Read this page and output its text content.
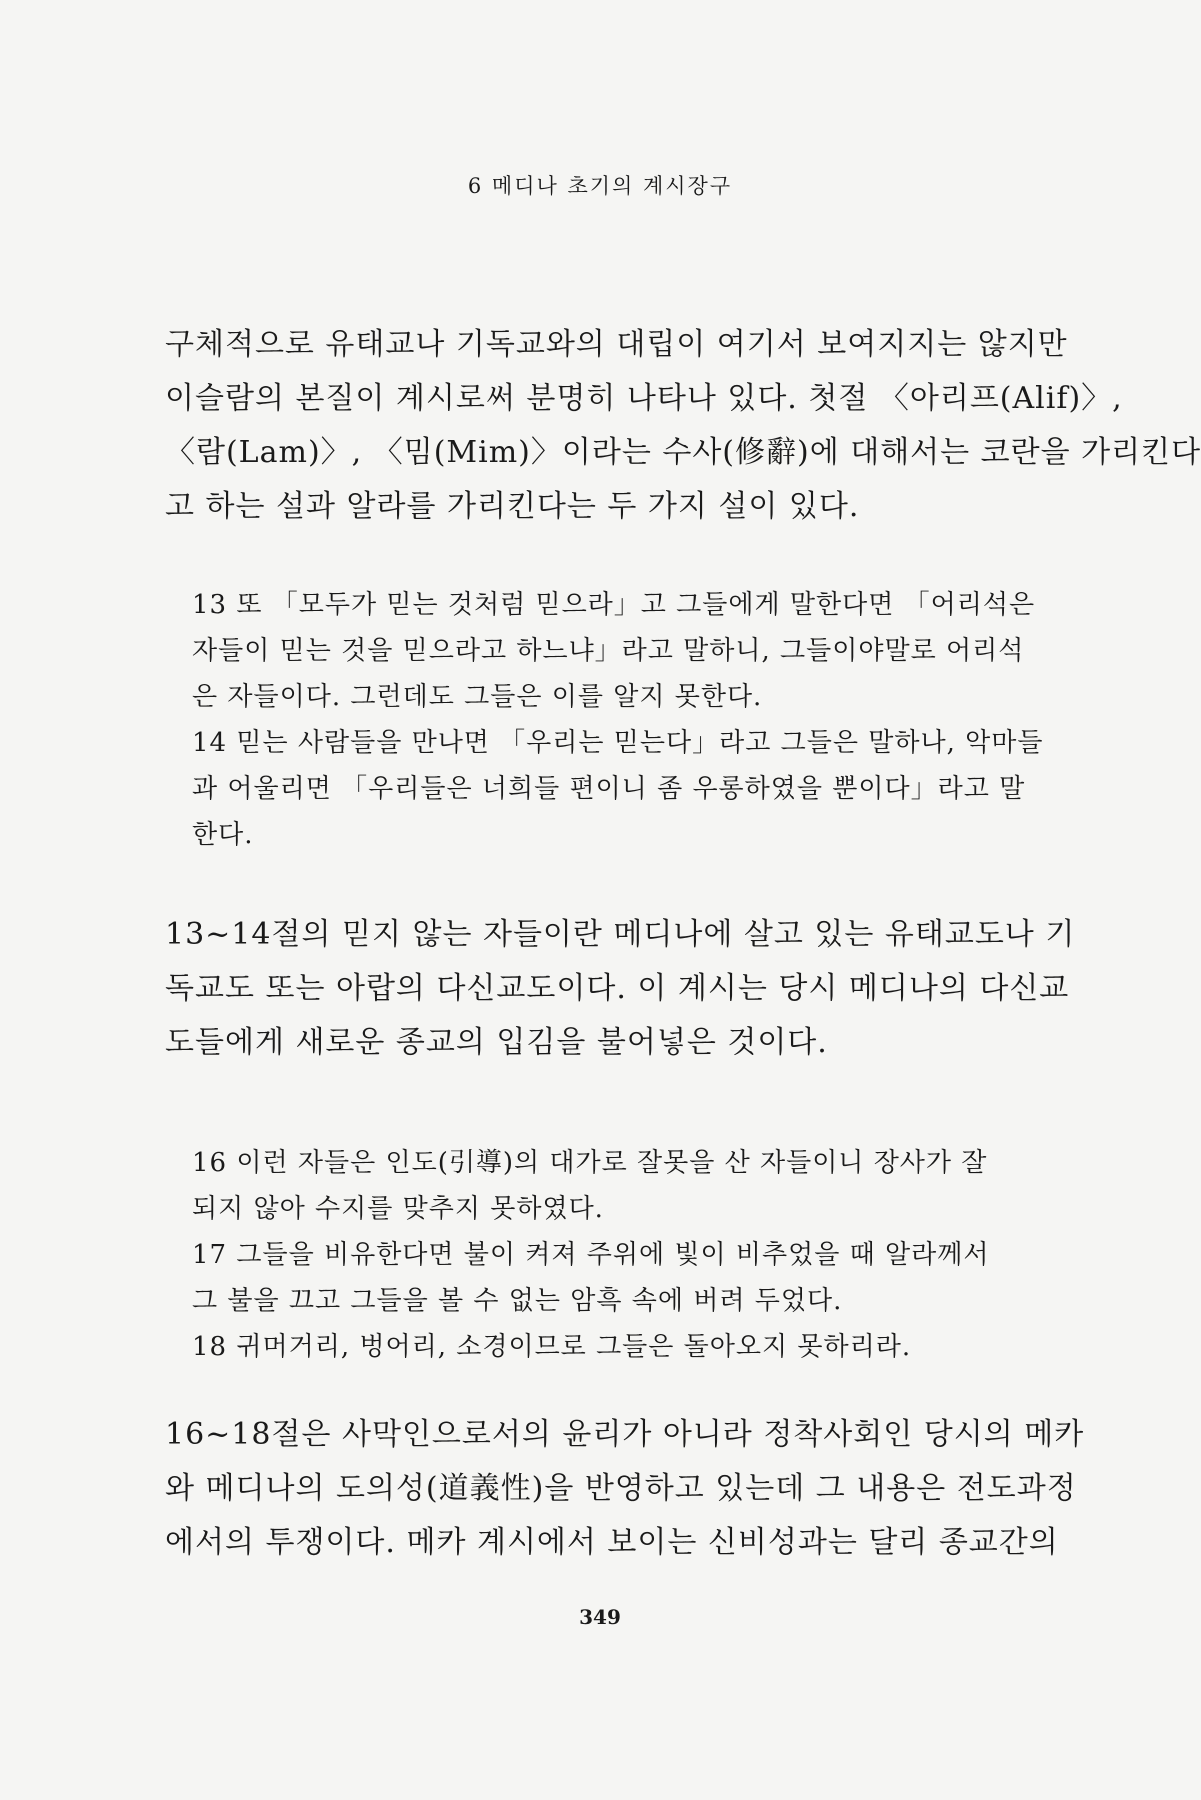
6 메디나 초기의 계시장구
구체적으로 유태교나 기독교와의 대립이 여기서 보여지지는 않지만
이슬람의 본질이 계시로써 분명히 나타나 있다. 첫절 〈아리프(Alif)〉,
〈람(Lam)〉, 〈밈(Mim)〉이라는 수사(修辭)에 대해서는 코란을 가리킨다
고 하는 설과 알라를 가리킨다는 두 가지 설이 있다.
13 또 「모두가 믿는 것처럼 믿으라」고 그들에게 말한다면 「어리석은
자들이 믿는 것을 믿으라고 하느냐」라고 말하니, 그들이야말로 어리석
은 자들이다. 그런데도 그들은 이를 알지 못한다.
14 믿는 사람들을 만나면 「우리는 믿는다」라고 그들은 말하나, 악마들
과 어울리면 「우리들은 너희들 편이니 좀 우롱하였을 뿐이다」라고 말
한다.
13~14절의 믿지 않는 자들이란 메디나에 살고 있는 유태교도나 기
독교도 또는 아랍의 다신교도이다. 이 계시는 당시 메디나의 다신교
도들에게 새로운 종교의 입김을 불어넣은 것이다.
16 이런 자들은 인도(引導)의 대가로 잘못을 산 자들이니 장사가 잘
되지 않아 수지를 맞추지 못하였다.
17 그들을 비유한다면 불이 켜져 주위에 빛이 비추었을 때 알라께서
그 불을 끄고 그들을 볼 수 없는 암흑 속에 버려 두었다.
18 귀머거리, 벙어리, 소경이므로 그들은 돌아오지 못하리라.
16~18절은 사막인으로서의 윤리가 아니라 정착사회인 당시의 메카
와 메디나의 도의성(道義性)을 반영하고 있는데 그 내용은 전도과정
에서의 투쟁이다. 메카 계시에서 보이는 신비성과는 달리 종교간의
349
